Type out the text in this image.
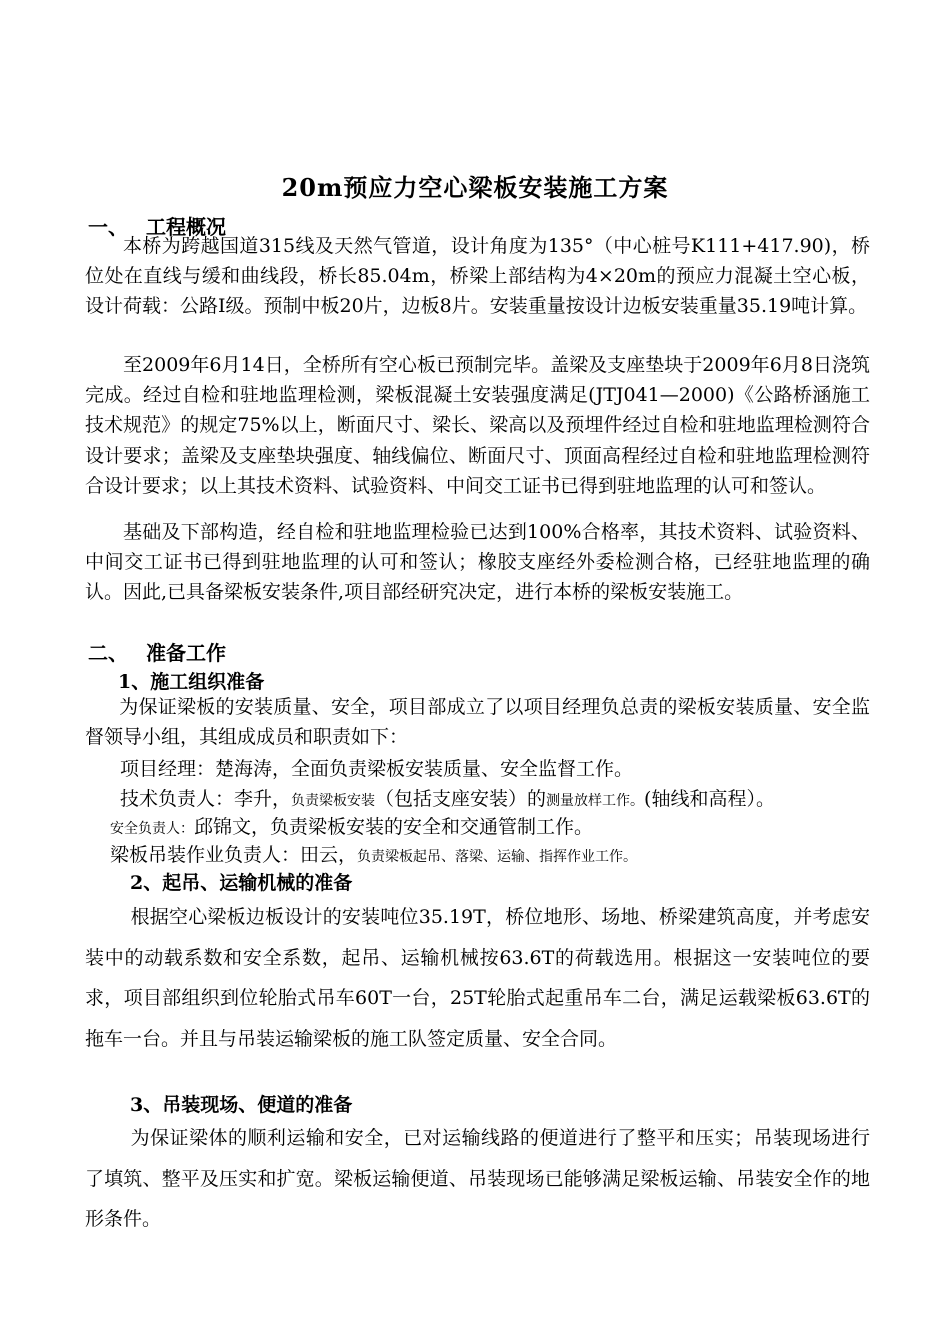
20m预应力空心梁板安装施工方案
一、 工程概况

本桥为跨越国道315线及天然气管道，设计角度为135°（中心桩号K111+417.90)，桥位处在直线与缓和曲线段，桥长85.04m，桥梁上部结构为4×20m的预应力混凝土空心板，设计荷载：公路Ⅰ级。预制中板20片，边板8片。安装重量按设计边板安装重量35.19吨计算。

至2009年6月14日，全桥所有空心板已预制完毕。盖梁及支座垫块于2009年6月8日浇筑完成。经过自检和驻地监理检测，梁板混凝土安装强度满足(JTJ041—2000)《公路桥涵施工技术规范》的规定75%以上，断面尺寸、梁长、梁高以及预埋件经过自检和驻地监理检测符合设计要求；盖梁及支座垫块强度、轴线偏位、断面尺寸、顶面高程经过自检和驻地监理检测符合设计要求；以上其技术资料、试验资料、中间交工证书已得到驻地监理的认可和签认。

基础及下部构造，经自检和驻地监理检验已达到100%合格率，其技术资料、试验资料、中间交工证书已得到驻地监理的认可和签认；橡胶支座经外委检测合格，已经驻地监理的确认。因此,已具备梁板安装条件,项目部经研究决定，进行本桥的梁板安装施工。

二、 准备工作
1、施工组织准备

为保证梁板的安装质量、安全，项目部成立了以项目经理负总责的梁板安装质量、安全监督领导小组，其组成成员和职责如下：

项目经理：楚海涛，全面负责梁板安装质量、安全监督工作。
技术负责人：李升，负责梁板安装（包括支座安装）的测量放样工作。(轴线和高程）。
安全负责人：邱锦文，负责梁板安装的安全和交通管制工作。
梁板吊装作业负责人：田云，负责梁板起吊、落梁、运输、指挥作业工作。
2、起吊、运输机械的准备

根据空心梁板边板设计的安装吨位35.19T，桥位地形、场地、桥梁建筑高度，并考虑安装中的动载系数和安全系数，起吊、运输机械按63.6T的荷载选用。根据这一安装吨位的要求，项目部组织到位轮胎式吊车60T一台，25T轮胎式起重吊车二台，满足运载梁板63.6T的拖车一台。并且与吊装运输梁板的施工队签定质量、安全合同。

3、吊装现场、便道的准备

为保证梁体的顺利运输和安全，已对运输线路的便道进行了整平和压实；吊装现场进行了填筑、整平及压实和扩宽。梁板运输便道、吊装现场已能够满足梁板运输、吊装安全作的地形条件。
